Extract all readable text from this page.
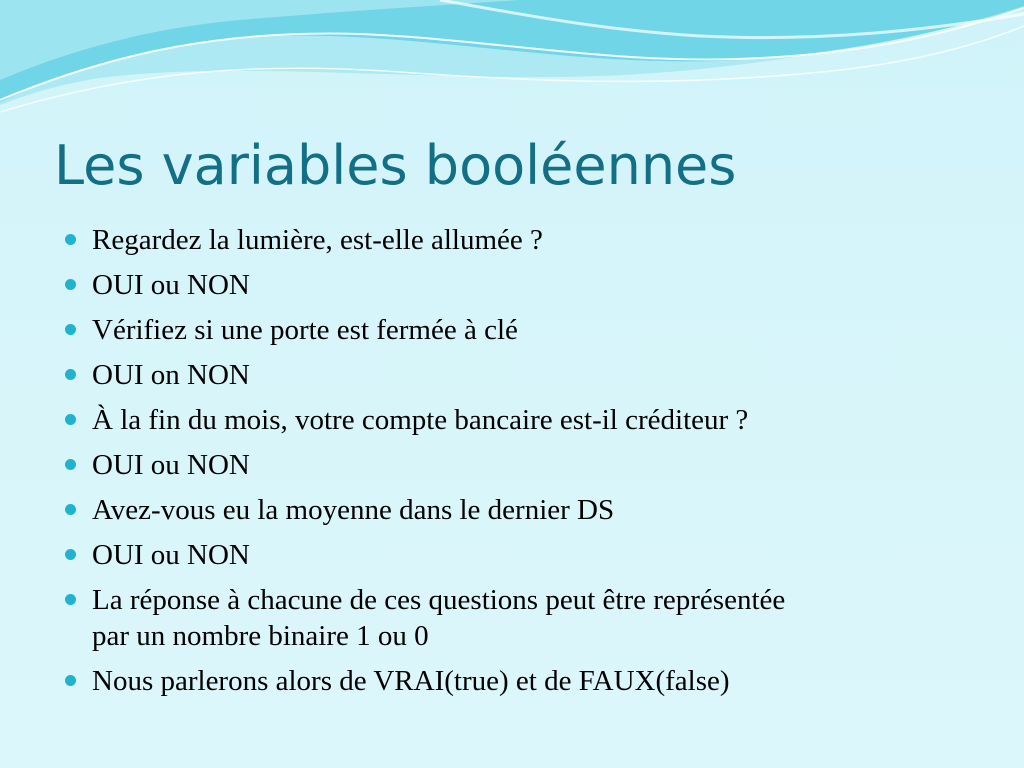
Les variables booléennes
Regardez la lumière, est-elle allumée ?
OUI ou NON
Vérifiez si une porte est fermée à clé
OUI on NON
À la fin du mois, votre compte bancaire est-il créditeur ?
OUI ou NON
Avez-vous eu la moyenne dans le dernier DS
OUI ou NON
La réponse à chacune de ces questions peut être représentée par un nombre binaire 1 ou 0
Nous parlerons alors de VRAI(true) et de FAUX(false)
